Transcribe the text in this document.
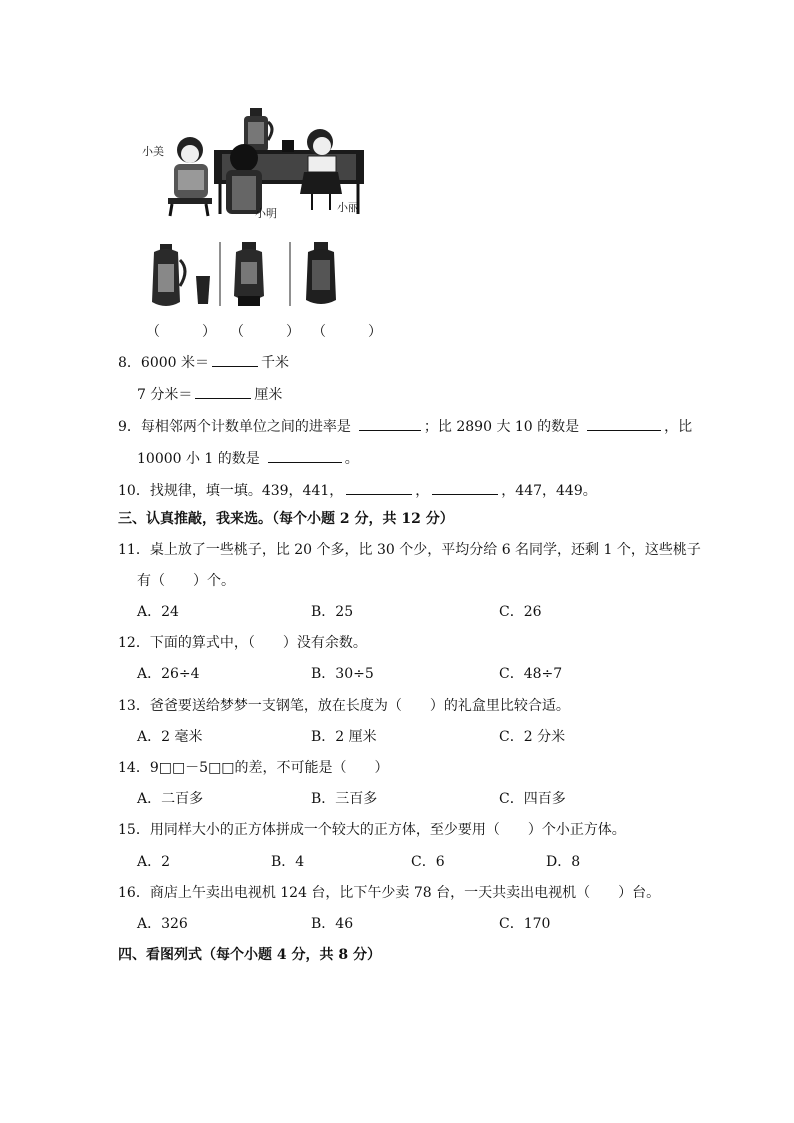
小美
小明	小丽
（　　　） （　　　） （　　　）
8．6000 米＝	千米
7 分米＝	厘米
9．每相邻两个计数单位之间的进率是	；比 2890 大 10 的数是	，比
10000 小 1 的数是	。
10．找规律，填一填。439，441，	，	，447，449。
三、认真推敲，我来选。（每个小题 2 分，共 12 分）
11．桌上放了一些桃子，比 20 个多，比 30 个少，平均分给 6 名同学，还剩 1 个，这些桃子
有（　　）个。
A．24	B．25	C．26
12．下面的算式中，（　　）没有余数。
A．26÷4	B．30÷5	C．48÷7
13．爸爸要送给梦梦一支钢笔，放在长度为（　　）的礼盒里比较合适。
A．2 毫米	B．2 厘米	C．2 分米
14．9□□－5□□的差，不可能是（　　）
A．二百多	B．三百多	C．四百多
15．用同样大小的正方体拼成一个较大的正方体，至少要用（　　）个小正方体。
A．2	B．4	C．6	D．8
16．商店上午卖出电视机 124 台，比下午少卖 78 台，一天共卖出电视机（　　）台。
A．326	B．46	C．170
四、看图列式（每个小题 4 分，共 8 分）
